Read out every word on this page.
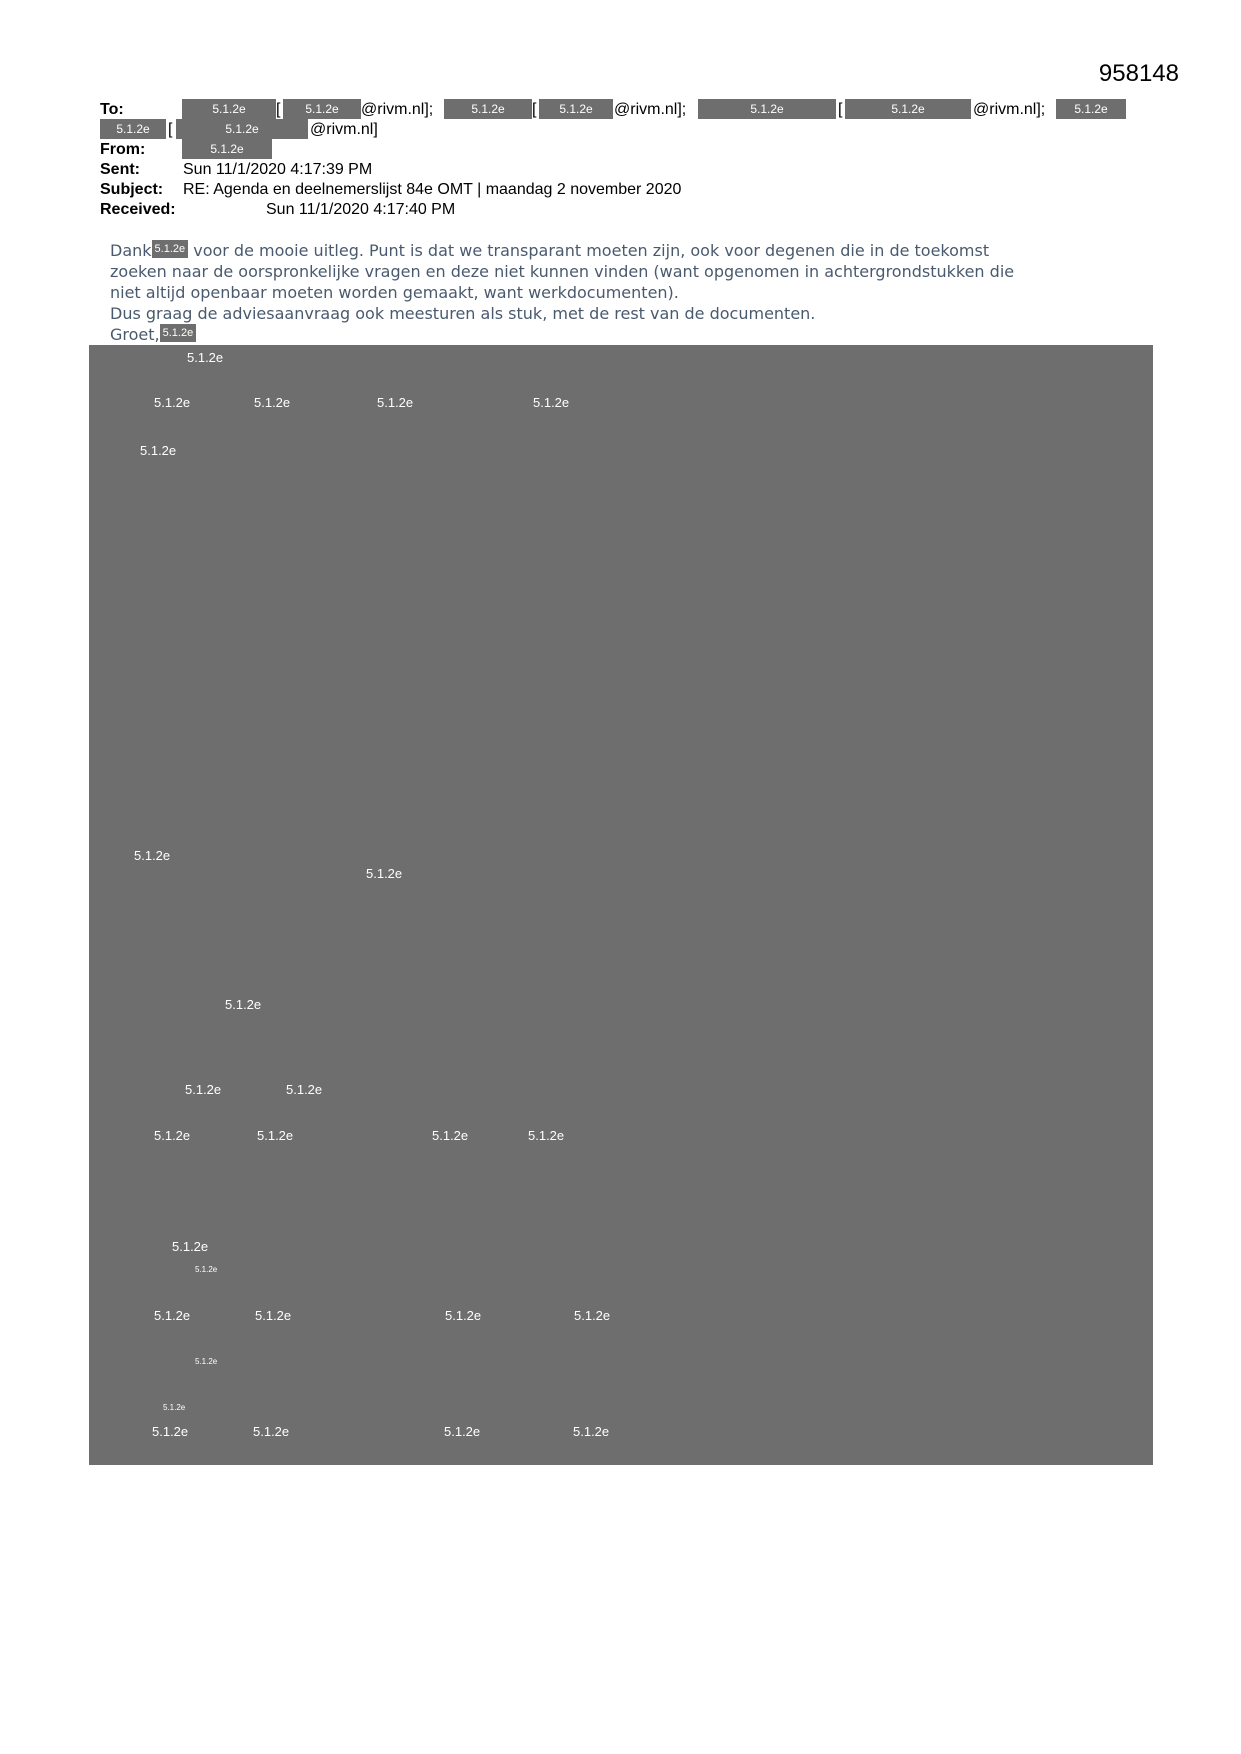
958148
To:	5.1.2e	[	5.1.2e	@rivm.nl];	5.1.2e	[	5.1.2e	@rivm.nl];	5.1.2e	[	5.1.2e	@rivm.nl];	5.1.2e
5.1.2e	[	5.1.2e	@rivm.nl]
From:	5.1.2e
Sent:	Sun 11/1/2020 4:17:39 PM
Subject: RE: Agenda en deelnemerslijst 84e OMT | maandag 2 november 2020
Received:	Sun 11/1/2020 4:17:40 PM

Dank 5.1.2e voor de mooie uitleg. Punt is dat we transparant moeten zijn, ook voor degenen die in de toekomst

zoeken naar de oorspronkelijke vragen en deze niet kunnen vinden (want opgenomen in achtergrondstukken die

niet altijd openbaar moeten worden gemaakt, want werkdocumenten).

Dus graag de adviesaanvraag ook meesturen als stuk, met de rest van de documenten.

Groet, 5.1.2e

5.1.2e
5.1.2e	5.1.2e	5.1.2e	5.1.2e
5.1.2e
5.1.2e
5.1.2e
5.1.2e
5.1.2e	5.1.2e
5.1.2e	5.1.2e	5.1.2e	5.1.2e
5.1.2e
5.1.2e
5.1.2e	5.1.2e	5.1.2e	5.1.2e
5.1.2e
5.1.2e
5.1.2e	5.1.2e	5.1.2e	5.1.2e
